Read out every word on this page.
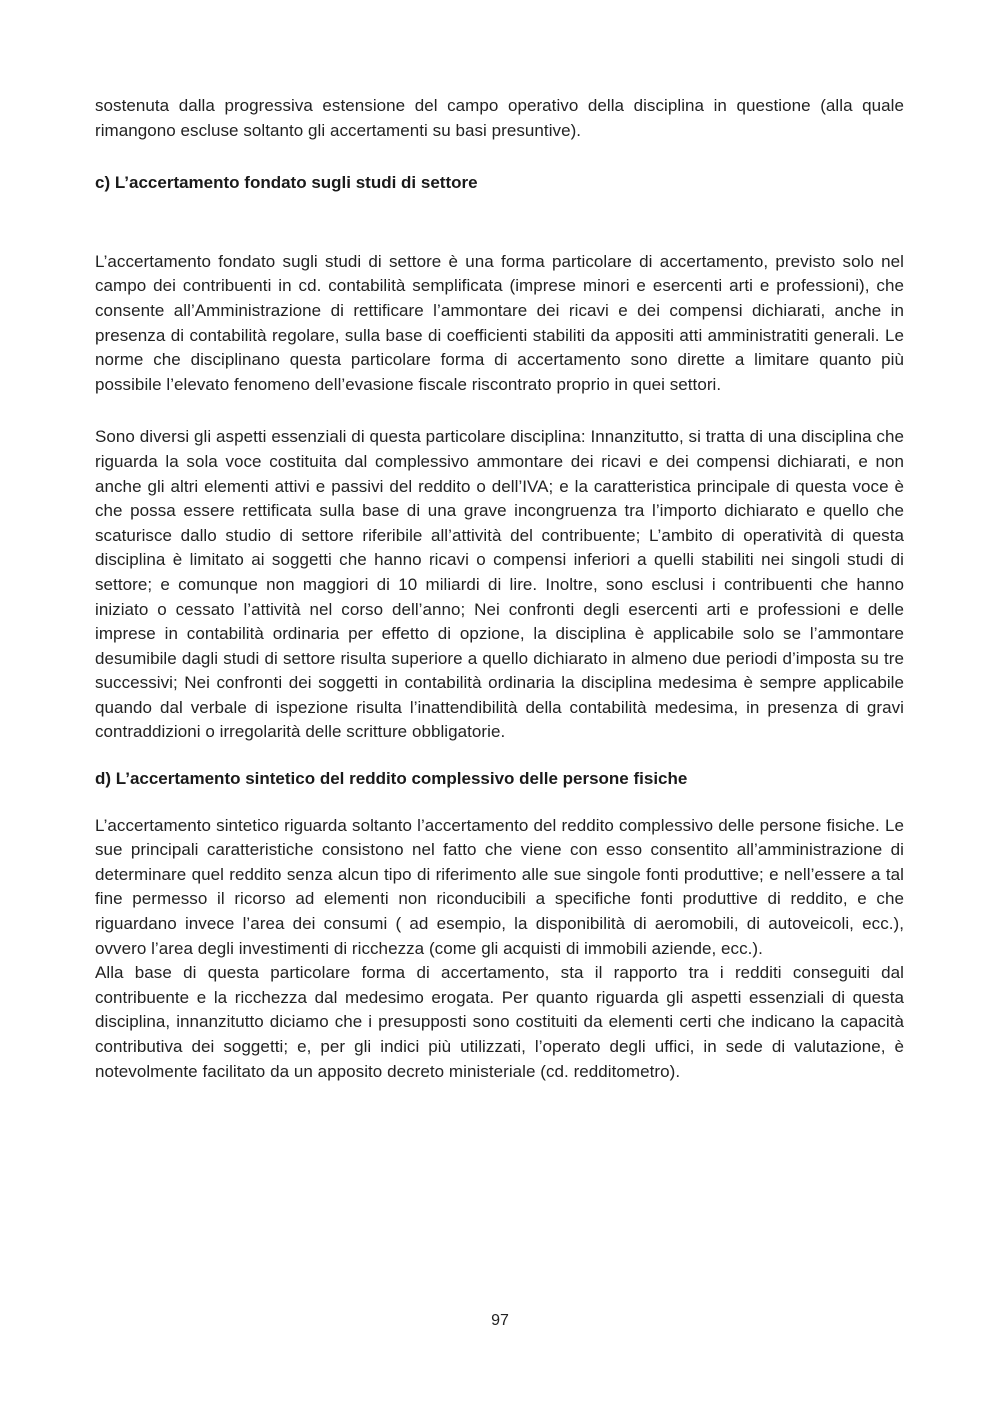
sostenuta dalla progressiva estensione del campo operativo della disciplina in questione (alla quale rimangono escluse soltanto gli accertamenti su basi presuntive).

c) L’accertamento fondato sugli studi di settore

L’accertamento fondato sugli studi di settore è una forma particolare di accertamento, previsto solo nel campo dei contribuenti in cd. contabilità semplificata (imprese minori e esercenti arti e professioni), che consente all’Amministrazione di rettificare l’ammontare dei ricavi e dei compensi dichiarati, anche in presenza di contabilità regolare, sulla base di coefficienti stabiliti da appositi atti amministratiti generali. Le norme che disciplinano questa particolare forma di accertamento sono dirette a limitare quanto più possibile l’elevato fenomeno dell’evasione fiscale riscontrato proprio in quei settori.

Sono diversi gli aspetti essenziali di questa particolare disciplina: Innanzitutto, si tratta di una disciplina che riguarda la sola voce costituita dal complessivo ammontare dei ricavi e dei compensi dichiarati, e non anche gli altri elementi attivi e passivi del reddito o dell’IVA; e la caratteristica principale di questa voce è che possa essere rettificata sulla base di una grave incongruenza tra l’importo dichiarato e quello che scaturisce dallo studio di settore riferibile all’attività del contribuente; L’ambito di operatività di questa disciplina è limitato ai soggetti che hanno ricavi o compensi inferiori a quelli stabiliti nei singoli studi di settore; e comunque non maggiori di 10 miliardi di lire. Inoltre, sono esclusi i contribuenti che hanno iniziato o cessato l’attività nel corso dell’anno; Nei confronti degli esercenti arti e professioni e delle imprese in contabilità ordinaria per effetto di opzione, la disciplina è applicabile solo se l’ammontare desumibile dagli studi di settore risulta superiore a quello dichiarato in almeno due periodi d’imposta su tre successivi; Nei confronti dei soggetti in contabilità ordinaria la disciplina medesima è sempre applicabile quando dal verbale di ispezione risulta l’inattendibilità della contabilità medesima, in presenza di gravi contraddizioni o irregolarità delle scritture obbligatorie.

d) L’accertamento sintetico del reddito complessivo delle persone fisiche

L’accertamento sintetico riguarda soltanto l’accertamento del reddito complessivo delle persone fisiche. Le sue principali caratteristiche consistono nel fatto che viene con esso consentito all’amministrazione di determinare quel reddito senza alcun tipo di riferimento alle sue singole fonti produttive; e nell’essere a tal fine permesso il ricorso ad elementi non riconducibili a specifiche fonti produttive di reddito, e che riguardano invece l’area dei consumi ( ad esempio, la disponibilità di aeromobili, di autoveicoli, ecc.), ovvero l’area degli investimenti di ricchezza (come gli acquisti di immobili aziende, ecc.).

Alla base di questa particolare forma di accertamento, sta il rapporto tra i redditi conseguiti dal contribuente e la ricchezza dal medesimo erogata. Per quanto riguarda gli aspetti essenziali di questa disciplina, innanzitutto diciamo che i presupposti sono costituiti da elementi certi che indicano la capacità contributiva dei soggetti; e, per gli indici più utilizzati, l’operato degli uffici, in sede di valutazione, è notevolmente facilitato da un apposito decreto ministeriale (cd. redditometro).

97
